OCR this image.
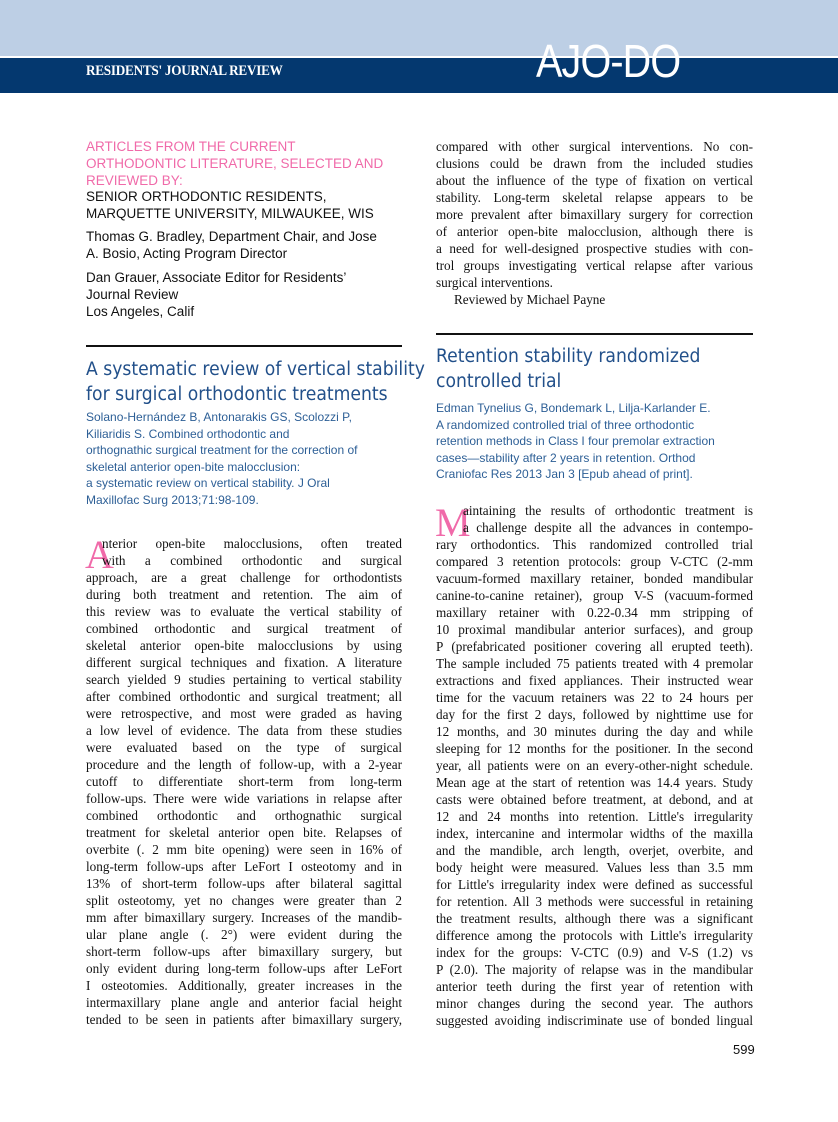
RESIDENTS' JOURNAL REVIEW	AJO-DO
ARTICLES FROM THE CURRENT
ORTHODONTIC LITERATURE, SELECTED AND
REVIEWED BY:
SENIOR ORTHODONTIC RESIDENTS,
MARQUETTE UNIVERSITY, MILWAUKEE, WIS
Thomas G. Bradley, Department Chair, and Jose
A. Bosio, Acting Program Director
Dan Grauer, Associate Editor for Residents’
Journal Review
Los Angeles, Calif
A systematic review of vertical stability
for surgical orthodontic treatments
Solano-Hernández B, Antonarakis GS, Scolozzi P,
Kiliaridis S. Combined orthodontic and
orthognathic surgical treatment for the correction of
skeletal anterior open-bite malocclusion:
a systematic review on vertical stability. J Oral
Maxillofac Surg 2013;71:98-109.
A
nterior open-bite malocclusions, often treated
with a combined orthodontic and surgical
approach, are a great challenge for orthodontists
during both treatment and retention. The aim of
this review was to evaluate the vertical stability of
combined orthodontic and surgical treatment of
skeletal anterior open-bite malocclusions by using
different surgical techniques and fixation. A literature
search yielded 9 studies pertaining to vertical stability
after combined orthodontic and surgical treatment; all
were retrospective, and most were graded as having
a low level of evidence. The data from these studies
were evaluated based on the type of surgical
procedure and the length of follow-up, with a 2-year
cutoff to differentiate short-term from long-term
follow-ups. There were wide variations in relapse after
combined orthodontic and orthognathic surgical
treatment for skeletal anterior open bite. Relapses of
overbite (. 2 mm bite opening) were seen in 16% of
long-term follow-ups after LeFort I osteotomy and in
13% of short-term follow-ups after bilateral sagittal
split osteotomy, yet no changes were greater than 2
mm after bimaxillary surgery. Increases of the mandib-
ular plane angle (. 2°) were evident during the
short-term follow-ups after bimaxillary surgery, but
only evident during long-term follow-ups after LeFort
I osteotomies. Additionally, greater increases in the
intermaxillary plane angle and anterior facial height
tended to be seen in patients after bimaxillary surgery,
compared with other surgical interventions. No con-
clusions could be drawn from the included studies
about the influence of the type of fixation on vertical
stability. Long-term skeletal relapse appears to be
more prevalent after bimaxillary surgery for correction
of anterior open-bite malocclusion, although there is
a need for well-designed prospective studies with con-
trol groups investigating vertical relapse after various
surgical interventions.
Reviewed by Michael Payne
Retention stability randomized
controlled trial
Edman Tynelius G, Bondemark L, Lilja-Karlander E.
A randomized controlled trial of three orthodontic
retention methods in Class I four premolar extraction
cases—stability after 2 years in retention. Orthod
Craniofac Res 2013 Jan 3 [Epub ahead of print].
M
aintaining the results of orthodontic treatment is
a challenge despite all the advances in contempo-
rary orthodontics. This randomized controlled trial
compared 3 retention protocols: group V-CTC (2-mm
vacuum-formed maxillary retainer, bonded mandibular
canine-to-canine retainer), group V-S (vacuum-formed
maxillary retainer with 0.22-0.34 mm stripping of
10 proximal mandibular anterior surfaces), and group
P (prefabricated positioner covering all erupted teeth).
The sample included 75 patients treated with 4 premolar
extractions and fixed appliances. Their instructed wear
time for the vacuum retainers was 22 to 24 hours per
day for the first 2 days, followed by nighttime use for
12 months, and 30 minutes during the day and while
sleeping for 12 months for the positioner. In the second
year, all patients were on an every-other-night schedule.
Mean age at the start of retention was 14.4 years. Study
casts were obtained before treatment, at debond, and at
12 and 24 months into retention. Little's irregularity
index, intercanine and intermolar widths of the maxilla
and the mandible, arch length, overjet, overbite, and
body height were measured. Values less than 3.5 mm
for Little's irregularity index were defined as successful
for retention. All 3 methods were successful in retaining
the treatment results, although there was a significant
difference among the protocols with Little's irregularity
index for the groups: V-CTC (0.9) and V-S (1.2) vs
P (2.0). The majority of relapse was in the mandibular
anterior teeth during the first year of retention with
minor changes during the second year. The authors
suggested avoiding indiscriminate use of bonded lingual
599
